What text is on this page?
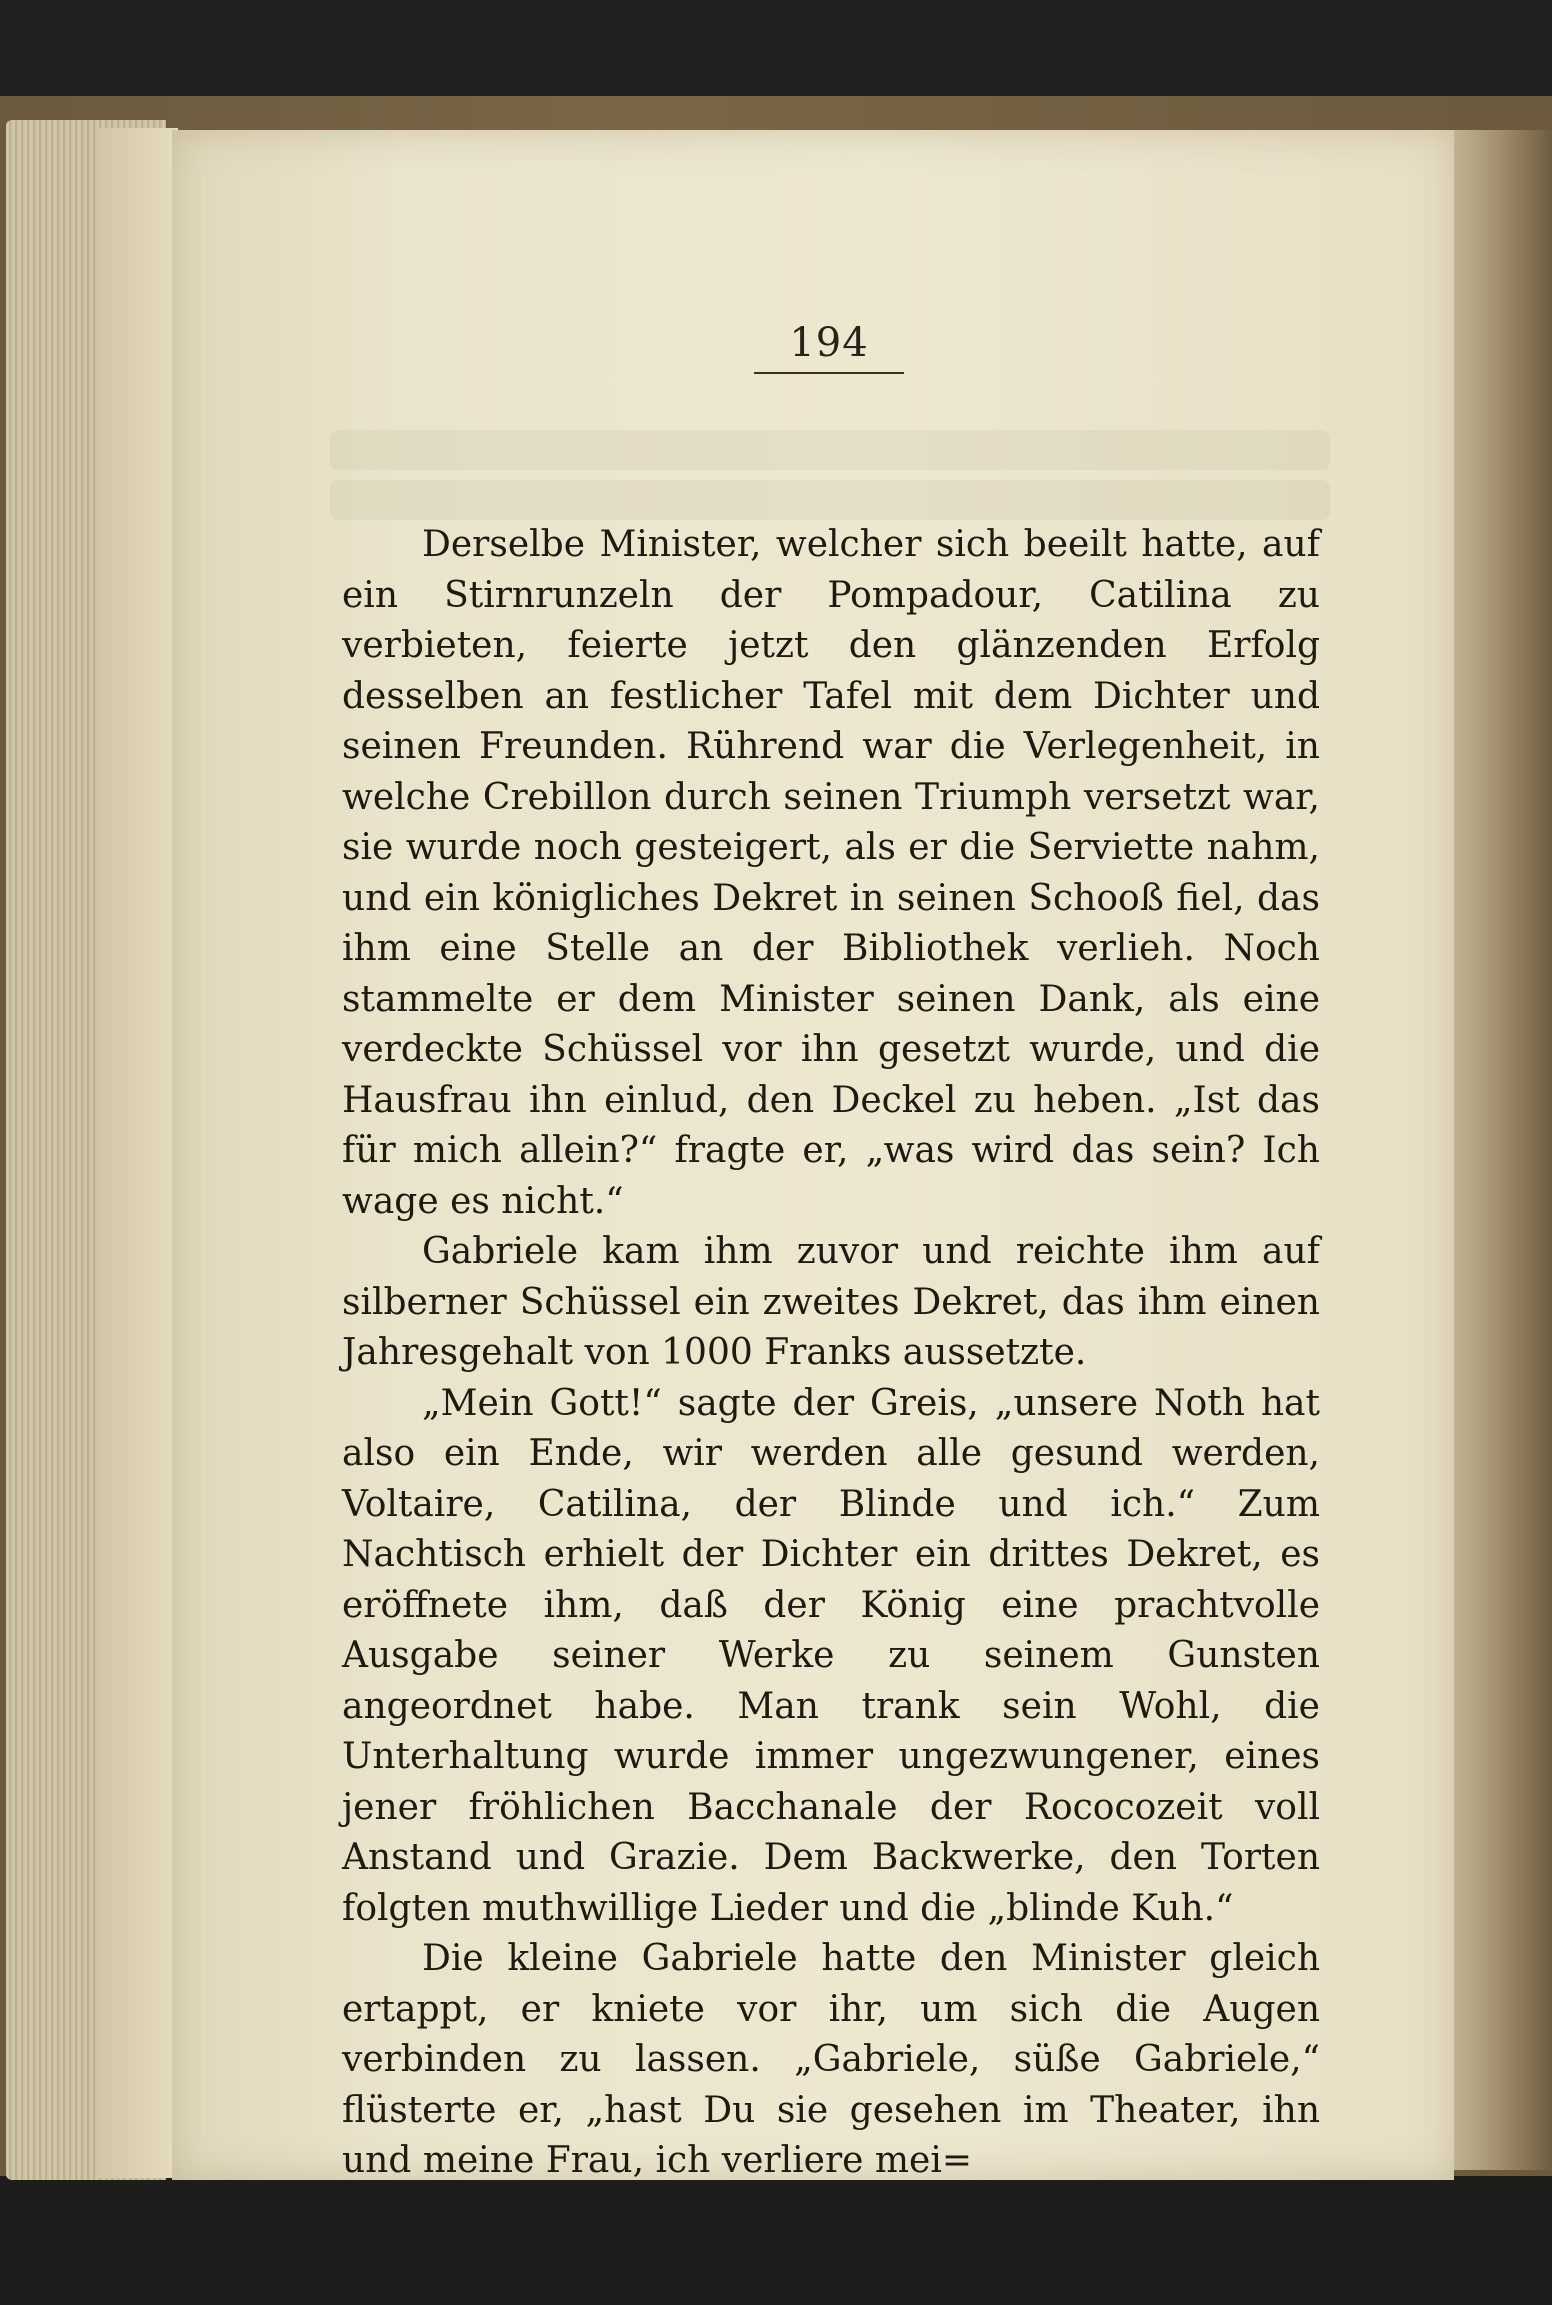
194

Derselbe Minister, welcher sich beeilt hatte, auf ein Stirnrunzeln der Pompadour, Catilina zu verbieten, feierte jetzt den glänzenden Erfolg desselben an festlicher Tafel mit dem Dichter und seinen Freunden. Rührend war die Verlegenheit, in welche Crebillon durch seinen Triumph versetzt war, sie wurde noch gesteigert, als er die Serviette nahm, und ein königliches Dekret in seinen Schooß fiel, das ihm eine Stelle an der Bibliothek verlieh. Noch stammelte er dem Minister seinen Dank, als eine verdeckte Schüssel vor ihn gesetzt wurde, und die Hausfrau ihn einlud, den Deckel zu heben. „Ist das für mich allein?“ fragte er, „was wird das sein? Ich wage es nicht.“

Gabriele kam ihm zuvor und reichte ihm auf silberner Schüssel ein zweites Dekret, das ihm einen Jahresgehalt von 1000 Franks aussetzte.

„Mein Gott!“ sagte der Greis, „unsere Noth hat also ein Ende, wir werden alle gesund werden, Voltaire, Catilina, der Blinde und ich.“ Zum Nachtisch erhielt der Dichter ein drittes Dekret, es eröffnete ihm, daß der König eine prachtvolle Ausgabe seiner Werke zu seinem Gunsten angeordnet habe. Man trank sein Wohl, die Unterhaltung wurde immer ungezwungener, eines jener fröhlichen Bacchanale der Rococozeit voll Anstand und Grazie. Dem Backwerke, den Torten folgten muthwillige Lieder und die „blinde Kuh.“

Die kleine Gabriele hatte den Minister gleich ertappt, er kniete vor ihr, um sich die Augen verbinden zu lassen. „Gabriele, süße Gabriele,“ flüsterte er, „hast Du sie gesehen im Theater, ihn und meine Frau, ich verliere mei=
